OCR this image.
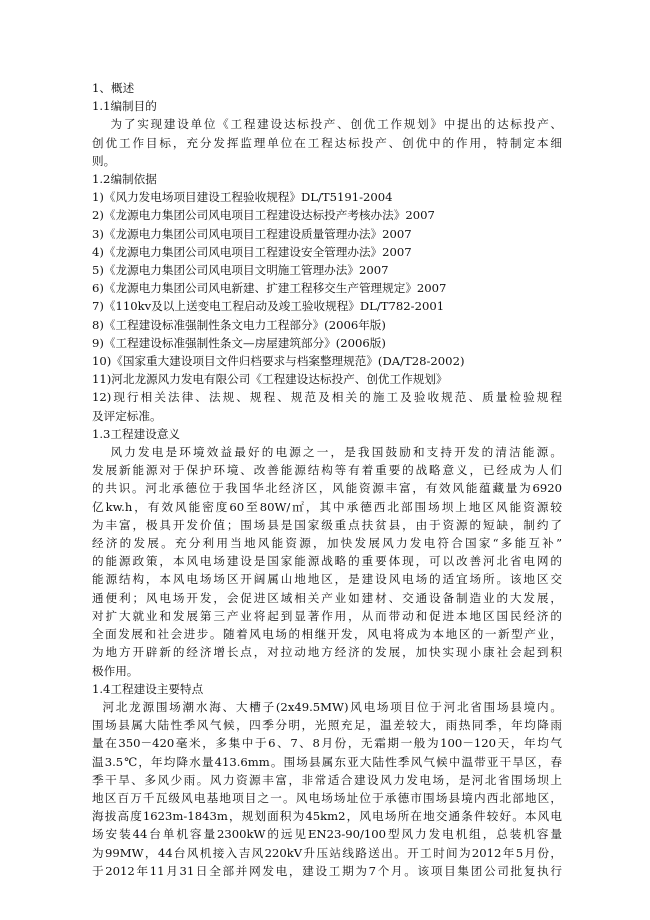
1、概述
1.1编制目的
为了实现建设单位《工程建设达标投产、创优工作规划》中提出的达标投产、
创优工作目标，充分发挥监理单位在工程达标投产、创优中的作用，特制定本细
则。
1.2编制依据
1)《风力发电场项目建设工程验收规程》DL/T5191-2004
2)《龙源电力集团公司风电项目工程建设达标投产考核办法》2007
3)《龙源电力集团公司风电项目工程建设质量管理办法》2007
4)《龙源电力集团公司风电项目工程建设安全管理办法》2007
5)《龙源电力集团公司风电项目文明施工管理办法》2007
6)《龙源电力集团公司风电新建、扩建工程移交生产管理规定》2007
7)《110kv及以上送变电工程启动及竣工验收规程》DL/T782-2001
8)《工程建设标准强制性条文电力工程部分》(2006年版)
9)《工程建设标准强制性条文—房屋建筑部分》(2006版)
10)《国家重大建设项目文件归档要求与档案整理规范》(DA/T28-2002)
11)河北龙源风力发电有限公司《工程建设达标投产、创优工作规划》
12)现行相关法律、法规、规程、规范及相关的施工及验收规范、质量检验规程
及评定标准。
1.3工程建设意义
风力发电是环境效益最好的电源之一，是我国鼓励和支持开发的清洁能源。
发展新能源对于保护环境、改善能源结构等有着重要的战略意义，已经成为人们
的共识。河北承德位于我国华北经济区，风能资源丰富，有效风能蕴藏量为6920
亿kw.h，有效风能密度60至80W/㎡，其中承德西北部围场坝上地区风能资源较
为丰富，极具开发价值；围场县是国家级重点扶贫县，由于资源的短缺，制约了
经济的发展。充分利用当地风能资源，加快发展风力发电符合国家“多能互补”
的能源政策，本风电场建设是国家能源战略的重要体现，可以改善河北省电网的
能源结构，本风电场场区开阔属山地地区，是建设风电场的适宜场所。该地区交
通便利；风电场开发，会促进区域相关产业如建材、交通设备制造业的大发展，
对扩大就业和发展第三产业将起到显著作用，从而带动和促进本地区国民经济的
全面发展和社会进步。随着风电场的相继开发，风电将成为本地区的一新型产业，
为地方开辟新的经济增长点，对拉动地方经济的发展，加快实现小康社会起到积
极作用。
1.4工程建设主要特点
河北龙源围场潮水海、大槽子(2x49.5MW)风电场项目位于河北省围场县境内。
围场县属大陆性季风气候，四季分明，光照充足，温差较大，雨热同季，年均降雨
量在350－420毫米，多集中于6、7、8月份，无霜期一般为100－120天，年均气
温3.5℃，年均降水量413.6mm。围场县属东亚大陆性季风气候中温带亚干旱区，春
季干旱、多风少雨。风力资源丰富，非常适合建设风力发电场，是河北省围场坝上
地区百万千瓦级风电基地项目之一。风电场场址位于承德市围场县境内西北部地区，
海拔高度1623m-1843m，规划面积为45km2，风电场所在地交通条件较好。本风电
场安装44台单机容量2300kW的远见EN23-90/100型风力发电机组，总装机容量
为99MW，44台风机接入吉风220kV升压站线路送出。开工时间为2012年5月份，
于2012年11月31日全部并网发电，建设工期为7个月。该项目集团公司批复执行
